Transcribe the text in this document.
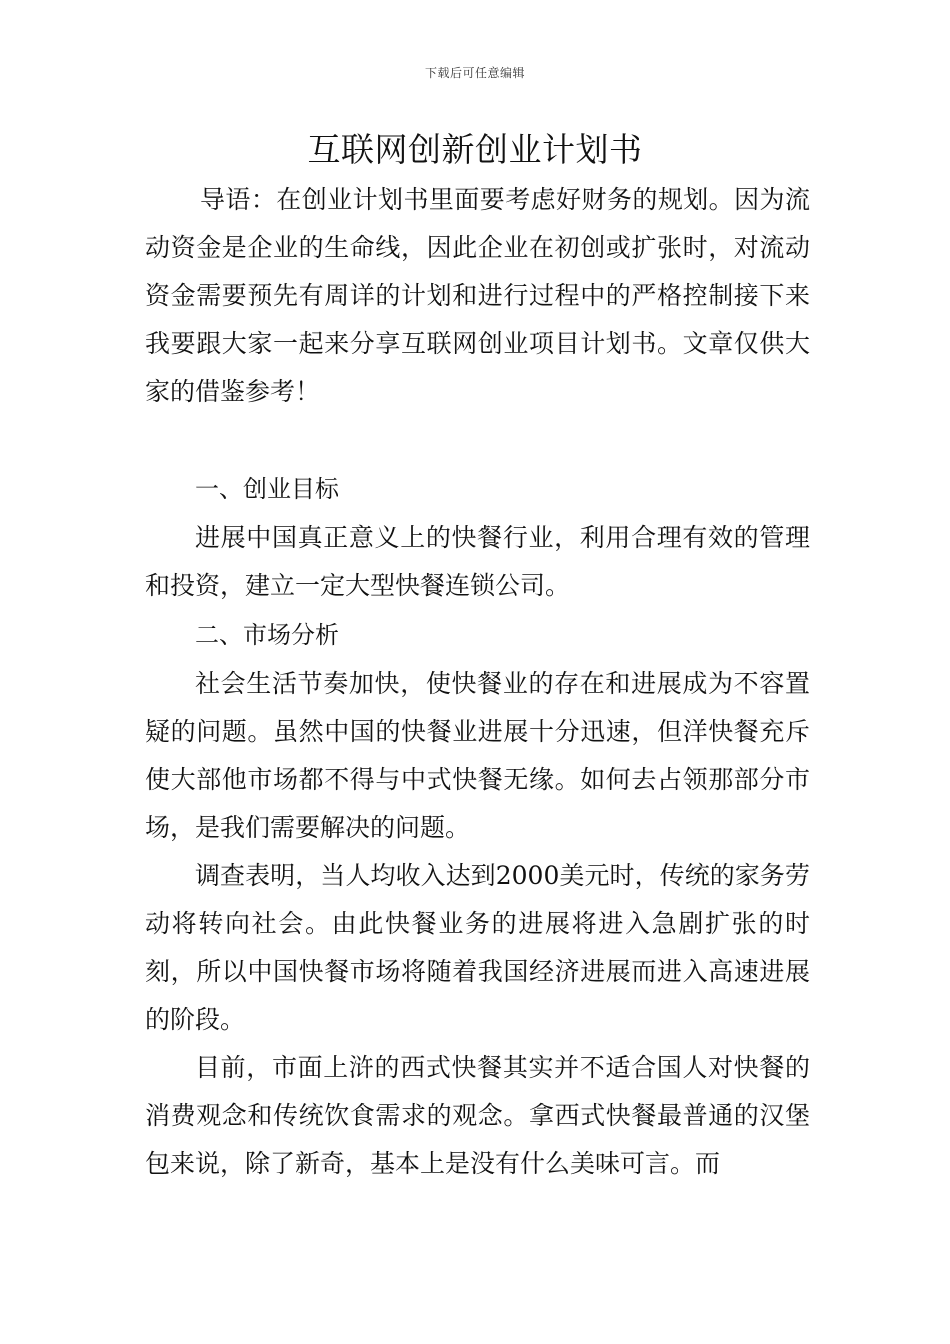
下载后可任意编辑
互联网创新创业计划书

导语：在创业计划书里面要考虑好财务的规划。因为流动资金是企业的生命线，因此企业在初创或扩张时，对流动资金需要预先有周详的计划和进行过程中的严格控制接下来我要跟大家一起来分享互联网创业项目计划书。文章仅供大家的借鉴参考！

一、创业目标

进展中国真正意义上的快餐行业，利用合理有效的管理和投资，建立一定大型快餐连锁公司。

二、市场分析

社会生活节奏加快，使快餐业的存在和进展成为不容置疑的问题。虽然中国的快餐业进展十分迅速，但洋快餐充斥使大部他市场都不得与中式快餐无缘。如何去占领那部分市场，是我们需要解决的问题。

调查表明，当人均收入达到2000美元时，传统的家务劳动将转向社会。由此快餐业务的进展将进入急剧扩张的时刻，所以中国快餐市场将随着我国经济进展而进入高速进展的阶段。

目前，市面上浒的西式快餐其实并不适合国人对快餐的消费观念和传统饮食需求的观念。拿西式快餐最普通的汉堡包来说，除了新奇，基本上是没有什么美味可言。而
